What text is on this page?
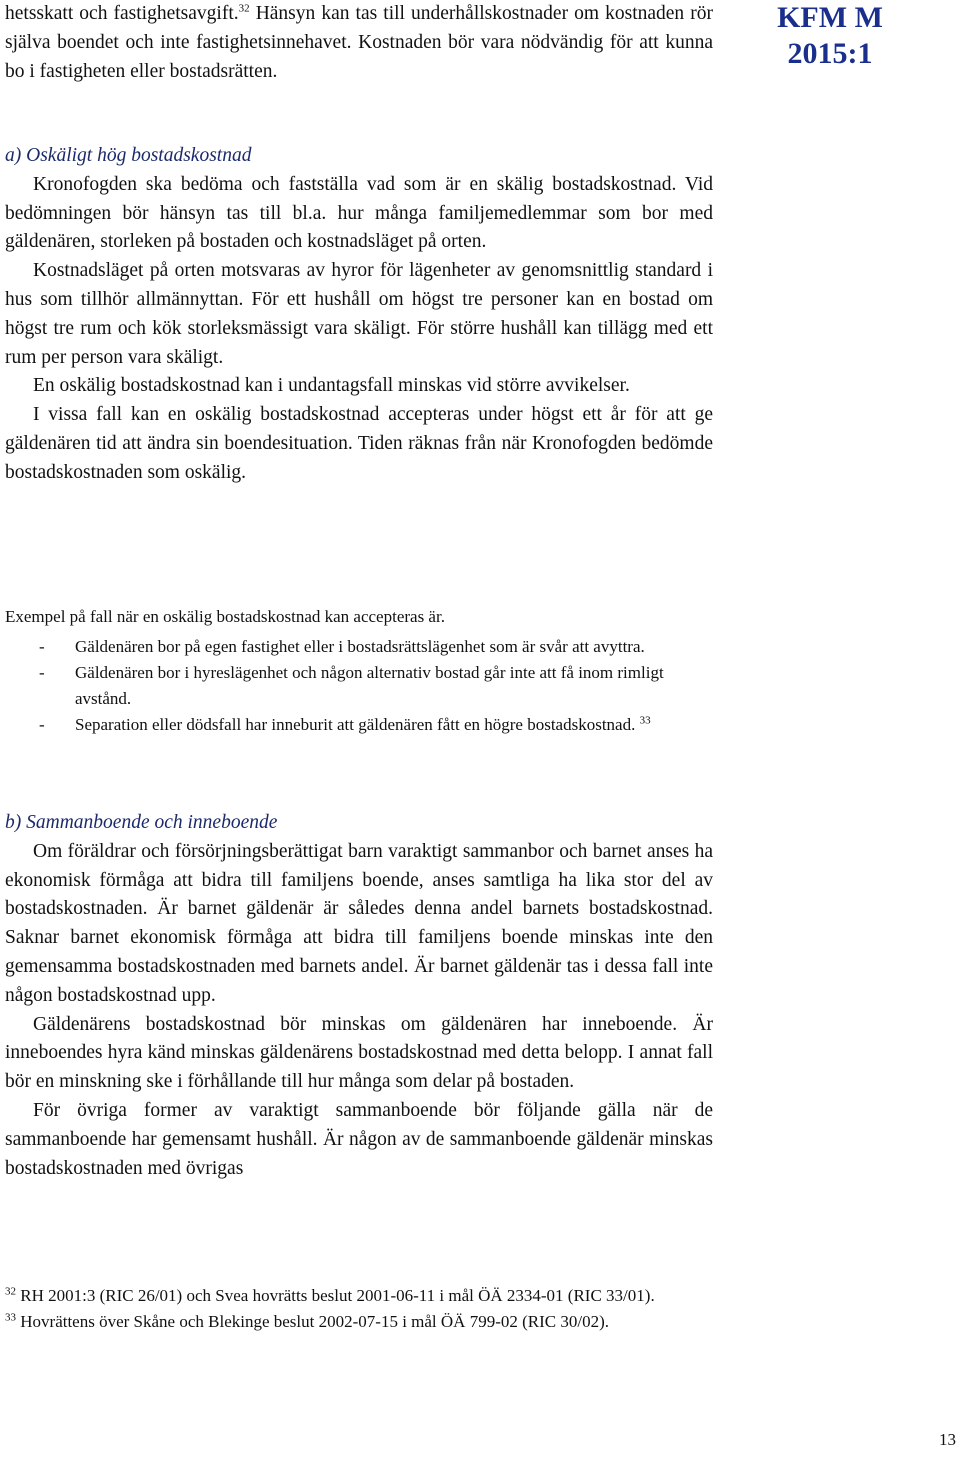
KFM M
2015:1

hetsskatt och fastighetsavgift.$^{32}$ Hänsyn kan tas till underhållskostnader om kostnaden rör själva boendet och inte fastighetsinnehavet. Kostnaden bör vara nödvändig för att kunna bo i fastigheten eller bostadsrätten.

a) Oskäligt hög bostadskostnad

Kronofogden ska bedöma och fastställa vad som är en skälig bostadskostnad. Vid bedömningen bör hänsyn tas till bl.a. hur många familjemedlemmar som bor med gäldenären, storleken på bostaden och kostnadsläget på orten.

Kostnadsläget på orten motsvaras av hyror för lägenheter av genomsnittlig standard i hus som tillhör allmännyttan. För ett hushåll om högst tre personer kan en bostad om högst tre rum och kök storleksmässigt vara skäligt. För större hushåll kan tillägg med ett rum per person vara skäligt.

En oskälig bostadskostnad kan i undantagsfall minskas vid större avvikelser.

I vissa fall kan en oskälig bostadskostnad accepteras under högst ett år för att ge gäldenären tid att ändra sin boendesituation. Tiden räknas från när Kronofogden bedömde bostadskostnaden som oskälig.

Exempel på fall när en oskälig bostadskostnad kan accepteras är.

- Gäldenären bor på egen fastighet eller i bostadsrättslägenhet som är svår att avyttra.
- Gäldenären bor i hyreslägenhet och någon alternativ bostad går inte att få inom rimligt avstånd.
- Separation eller dödsfall har inneburit att gäldenären fått en högre bostadskostnad. $^{33}$

b) Sammanboende och inneboende

Om föräldrar och försörjningsberättigat barn varaktigt sammanbor och barnet anses ha ekonomisk förmåga att bidra till familjens boende, anses samtliga ha lika stor del av bostadskostnaden. Är barnet gäldenär är således denna andel barnets bostadskostnad. Saknar barnet ekonomisk förmåga att bidra till familjens boende minskas inte den gemensamma bostadskostnaden med barnets andel. Är barnet gäldenär tas i dessa fall inte någon bostadskostnad upp.

Gäldenärens bostadskostnad bör minskas om gäldenären har inneboende. Är inneboendes hyra känd minskas gäldenärens bostadskostnad med detta belopp. I annat fall bör en minskning ske i förhållande till hur många som delar på bostaden.

För övriga former av varaktigt sammanboende bör följande gälla när de sammanboende har gemensamt hushåll. Är någon av de sammanboende gäldenär minskas bostadskostnaden med övrigas

$^{32}$ RH 2001:3 (RIC 26/01) och Svea hovrätts beslut 2001-06-11 i mål ÖÄ 2334-01 (RIC 33/01).

$^{33}$ Hovrättens över Skåne och Blekinge beslut 2002-07-15 i mål ÖÄ 799-02 (RIC 30/02).

13
